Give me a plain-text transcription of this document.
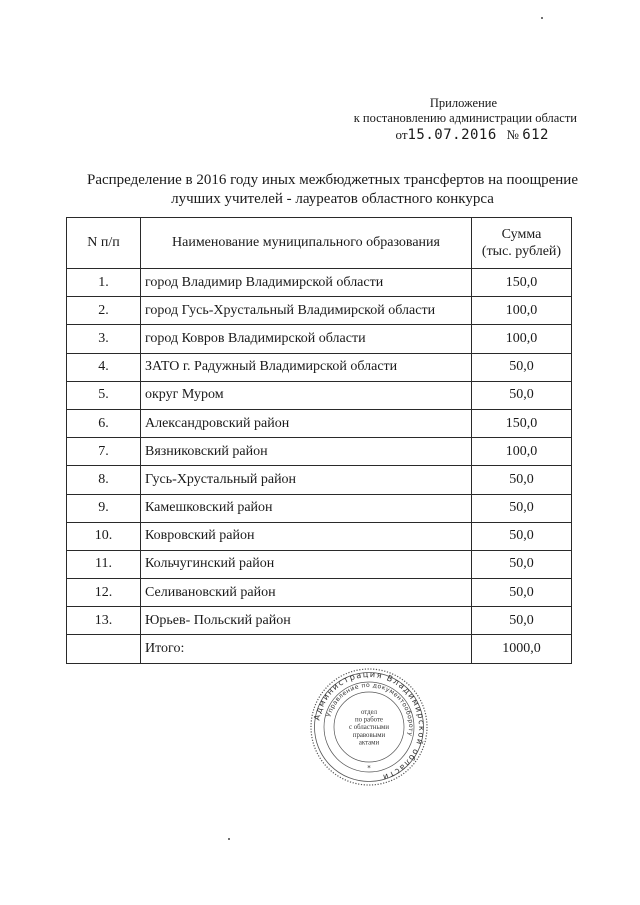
Приложение
к постановлению администрации области
от15.07.2016 № 612
Распределение в 2016 году иных межбюджетных трансфертов на поощрение
лучших учителей - лауреатов областного конкурса
N п/п	Наименование муниципального образования	Сумма
(тыс. рублей)

1.	город Владимир Владимирской области	150,0
2.	город Гусь-Хрустальный Владимирской области	100,0
3.	город Ковров Владимирской области	100,0
4.	ЗАТО г. Радужный Владимирской области	50,0
5.	округ Муром	50,0
6.	Александровский район	150,0
7.	Вязниковский район	100,0
8.	Гусь-Хрустальный район	50,0
9.	Камешковский район	50,0
10.	Ковровский район	50,0
11.	Кольчугинский район	50,0
12.	Селивановский район	50,0
13.	Юрьев- Польский район	50,0
	Итого:	1000,0
Администрация Владимирской области
Управление по документообороту
отдел
по работе
с областными
правовыми
актами
*
